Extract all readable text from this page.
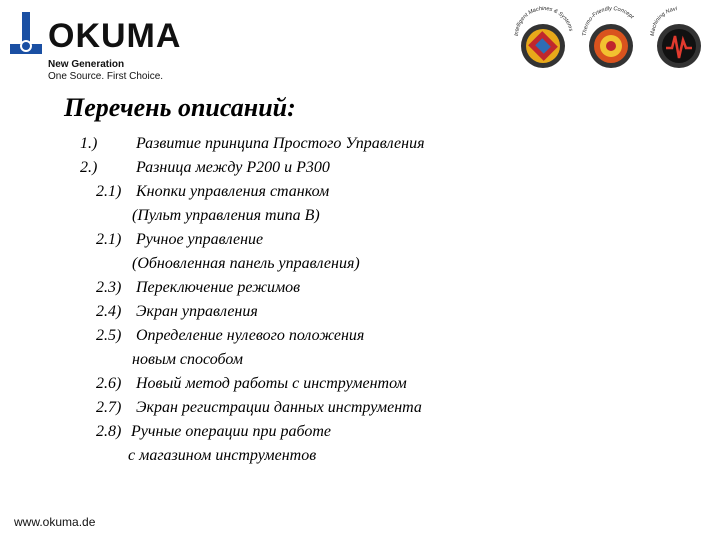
OKUMA
New Generation
One Source. First Choice.
Intelligent Machines & Systems
Thermo-Friendly Concept
Machining Navi
Перечень описаний:
1.) Развитие принципа Простого Управления
2.) Разница между P200 и P300
2.1) Кнопки управления станком
(Пульт управления типа B)
2.1) Ручное управление
(Обновленная панель управления)
2.3) Переключение режимов
2.4) Экран управления
2.5) Определение нулевого положения
новым способом
2.6) Новый метод работы с инструментом
2.7) Экран регистрации данных инструмента
2.8) Ручные операции при работе
с магазином инструментов
www.okuma.de
